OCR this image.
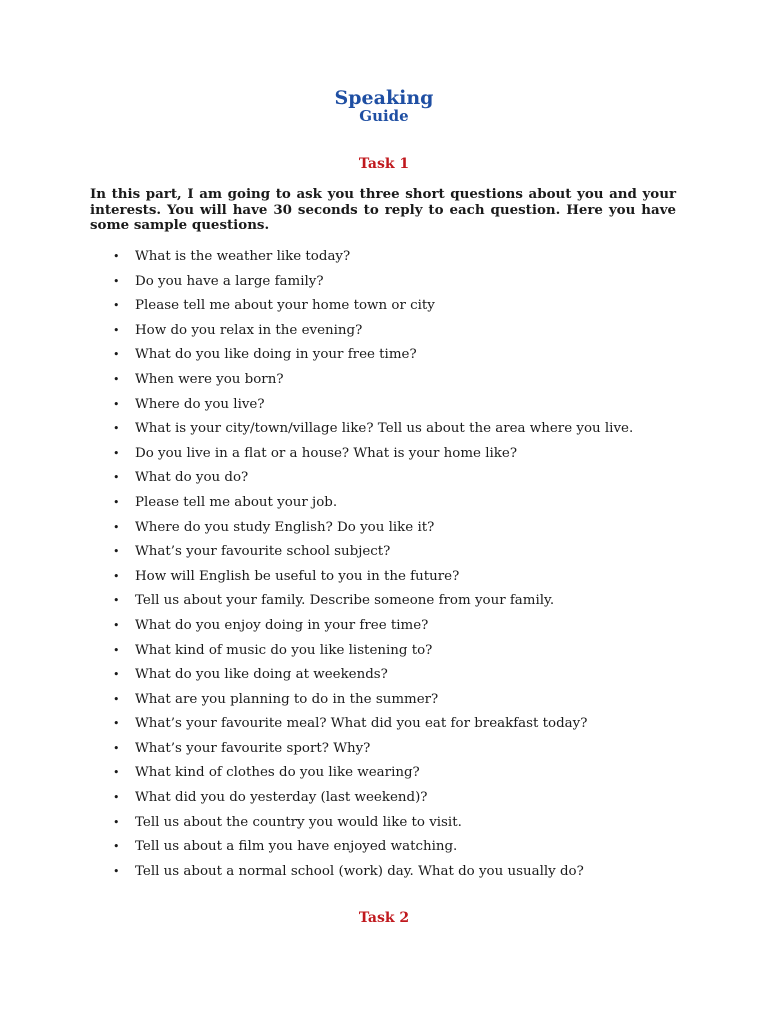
Speaking
Guide
Task 1
In this part, I am going to ask you three short questions about you and your interests. You will have 30 seconds to reply to each question. Here you have some sample questions.
• What is the weather like today?
• Do you have a large family?
• Please tell me about your home town or city
• How do you relax in the evening?
• What do you like doing in your free time?
• When were you born?
• Where do you live?
• What is your city/town/village like? Tell us about the area where you live.
• Do you live in a flat or a house? What is your home like?
• What do you do?
• Please tell me about your job.
• Where do you study English? Do you like it?
• What’s your favourite school subject?
• How will English be useful to you in the future?
• Tell us about your family. Describe someone from your family.
• What do you enjoy doing in your free time?
• What kind of music do you like listening to?
• What do you like doing at weekends?
• What are you planning to do in the summer?
• What’s your favourite meal? What did you eat for breakfast today?
• What’s your favourite sport? Why?
• What kind of clothes do you like wearing?
• What did you do yesterday (last weekend)?
• Tell us about the country you would like to visit.
• Tell us about a film you have enjoyed watching.
• Tell us about a normal school (work) day. What do you usually do?
Task 2
